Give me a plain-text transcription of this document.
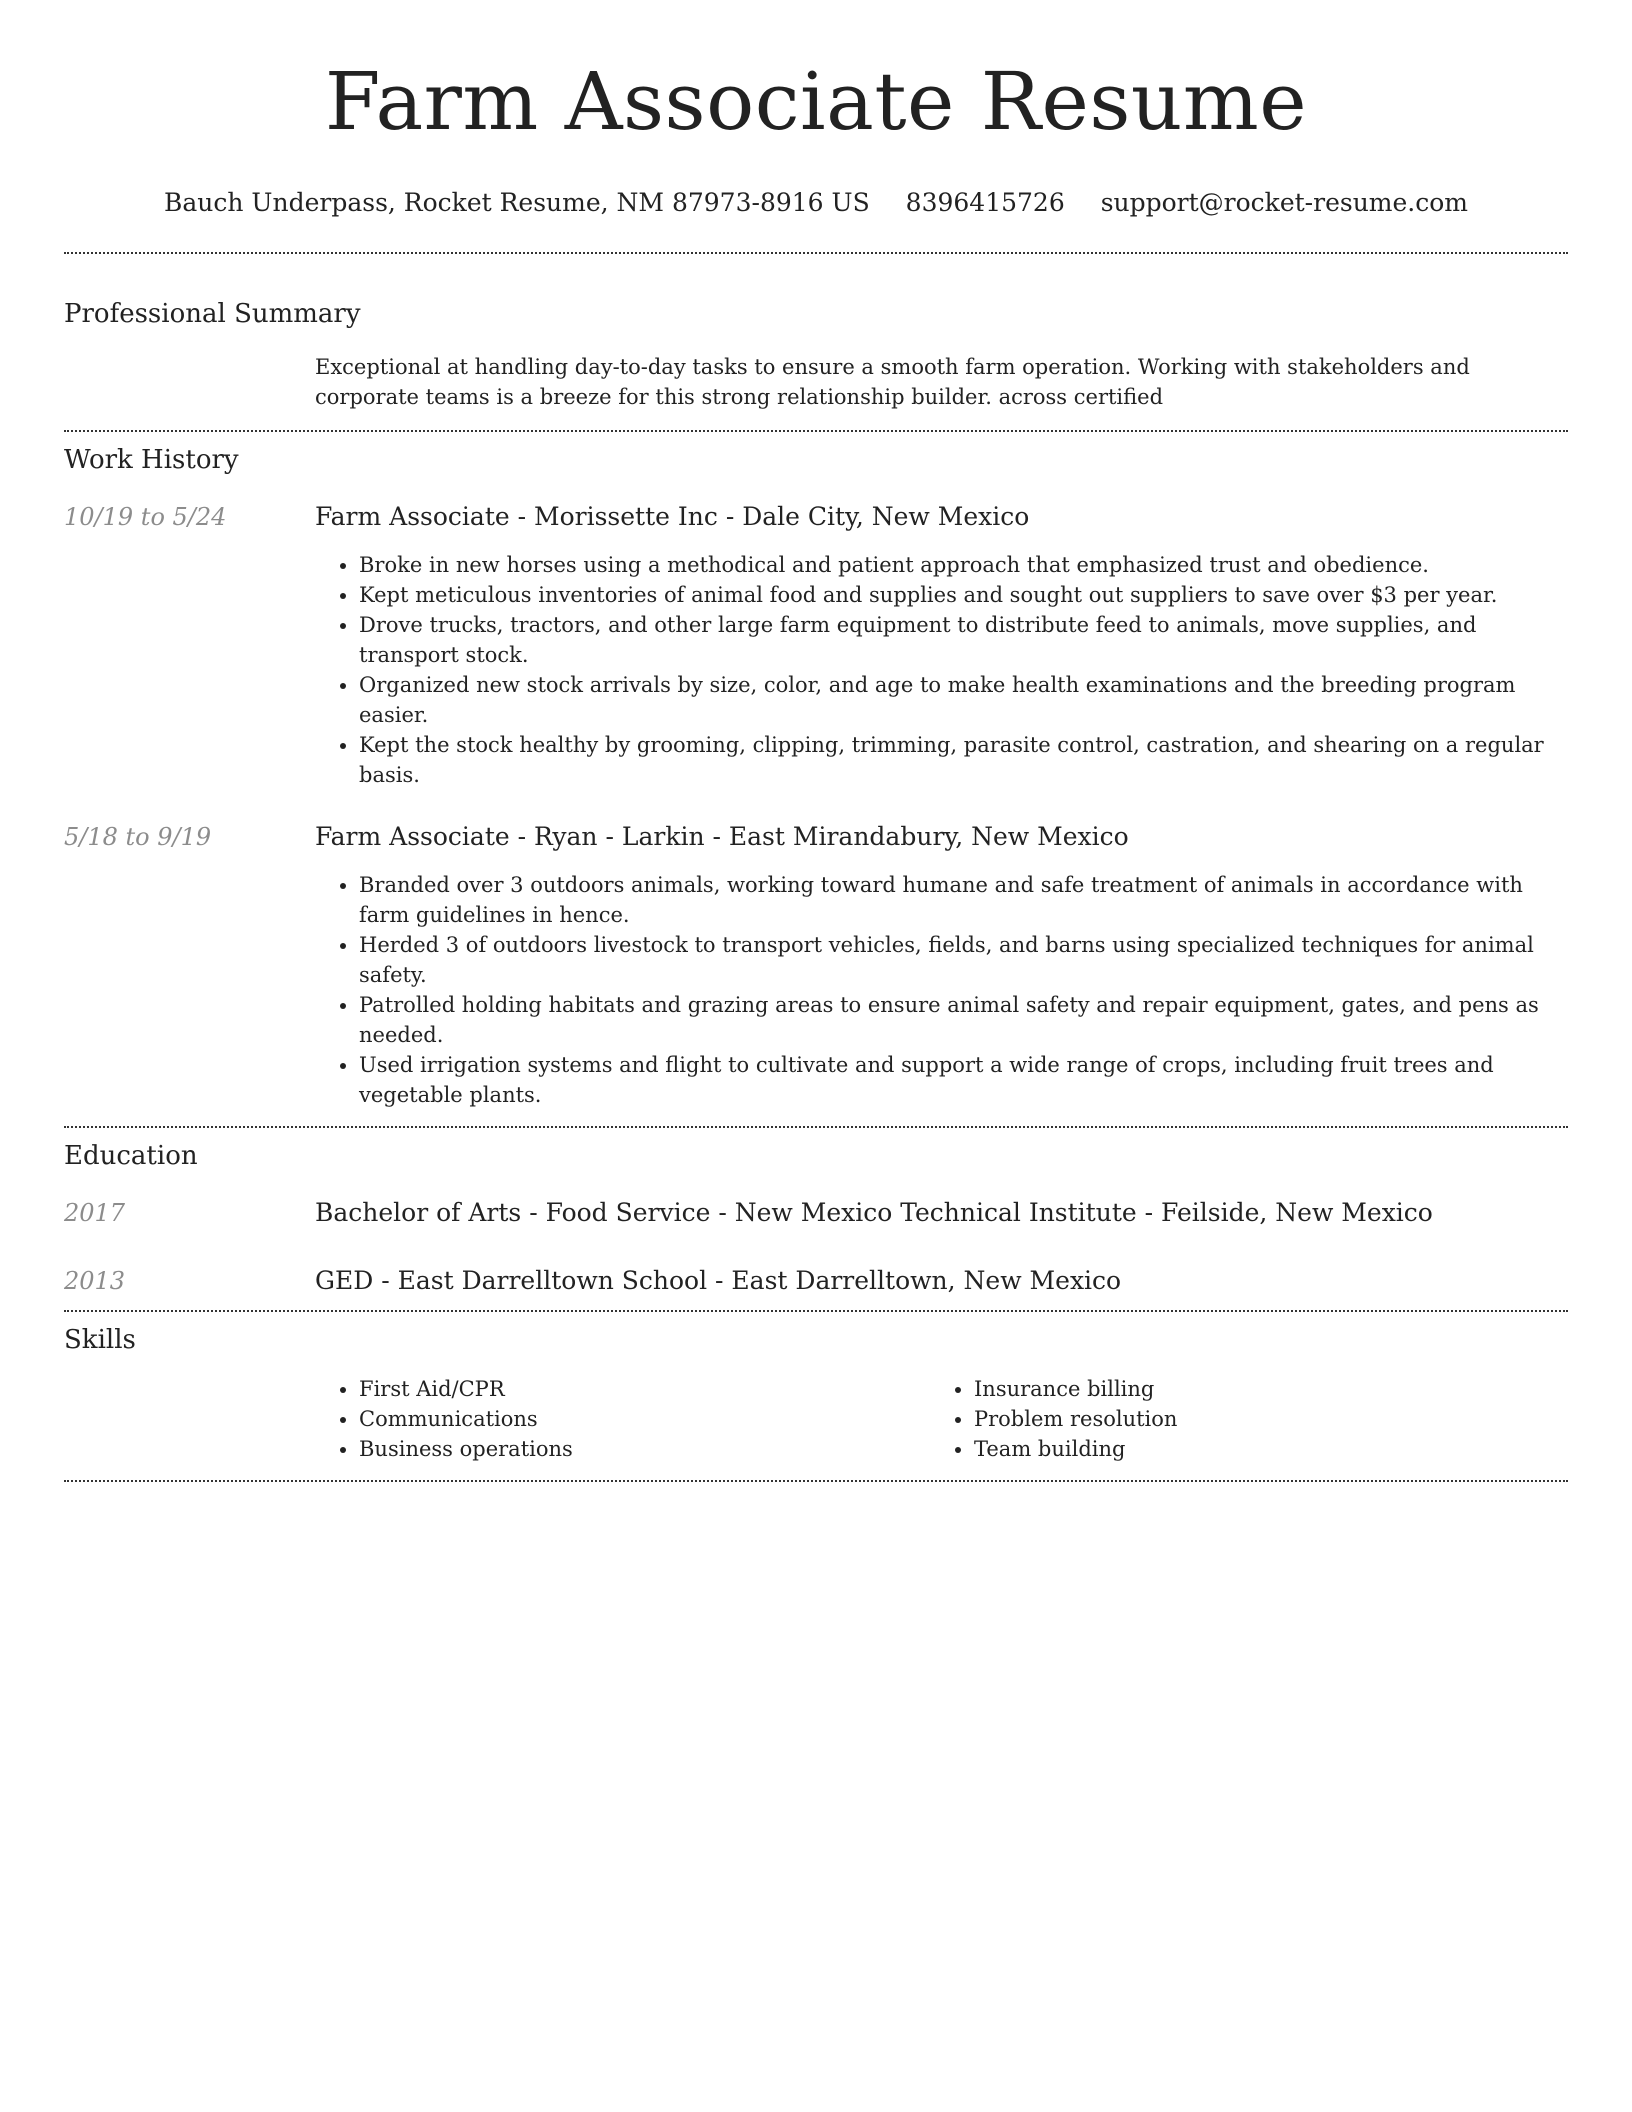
Farm Associate Resume
Bauch Underpass, Rocket Resume, NM 87973-8916 US 8396415726 support@rocket-resume.com
Professional Summary
Exceptional at handling day-to-day tasks to ensure a smooth farm operation. Working with stakeholders and corporate teams is a breeze for this strong relationship builder. across certified
Work History
10/19 to 5/24	Farm Associate - Morissette Inc - Dale City, New Mexico
• Broke in new horses using a methodical and patient approach that emphasized trust and obedience.
• Kept meticulous inventories of animal food and supplies and sought out suppliers to save over $3 per year.
• Drove trucks, tractors, and other large farm equipment to distribute feed to animals, move supplies, and transport stock.
• Organized new stock arrivals by size, color, and age to make health examinations and the breeding program easier.
• Kept the stock healthy by grooming, clipping, trimming, parasite control, castration, and shearing on a regular basis.
5/18 to 9/19	Farm Associate - Ryan - Larkin - East Mirandabury, New Mexico
• Branded over 3 outdoors animals, working toward humane and safe treatment of animals in accordance with farm guidelines in hence.
• Herded 3 of outdoors livestock to transport vehicles, fields, and barns using specialized techniques for animal safety.
• Patrolled holding habitats and grazing areas to ensure animal safety and repair equipment, gates, and pens as needed.
• Used irrigation systems and flight to cultivate and support a wide range of crops, including fruit trees and vegetable plants.
Education
2017	Bachelor of Arts - Food Service - New Mexico Technical Institute - Feilside, New Mexico
2013	GED - East Darrelltown School - East Darrelltown, New Mexico
Skills
• First Aid/CPR
• Communications
• Business operations
• Insurance billing
• Problem resolution
• Team building
